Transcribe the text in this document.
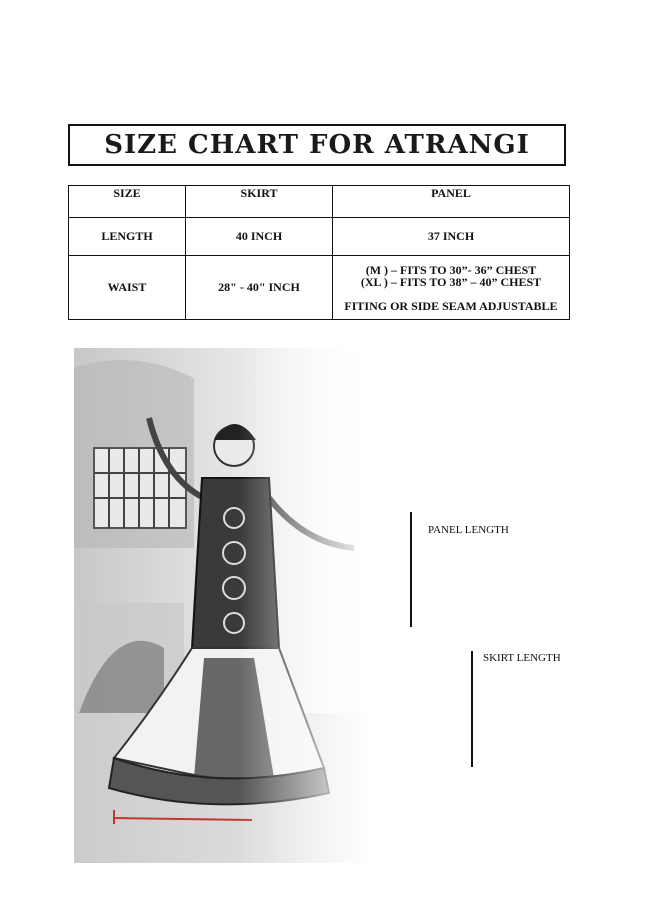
SIZE CHART FOR ATRANGI
SIZE	SKIRT	PANEL
LENGTH	40 INCH	37 INCH
WAIST	28" - 40" INCH	(M ) – FITS TO 30”- 36” CHEST
(XL ) – FITS TO 38” – 40” CHEST
FITING OR SIDE SEAM ADJUSTABLE
PANEL LENGTH
SKIRT LENGTH
